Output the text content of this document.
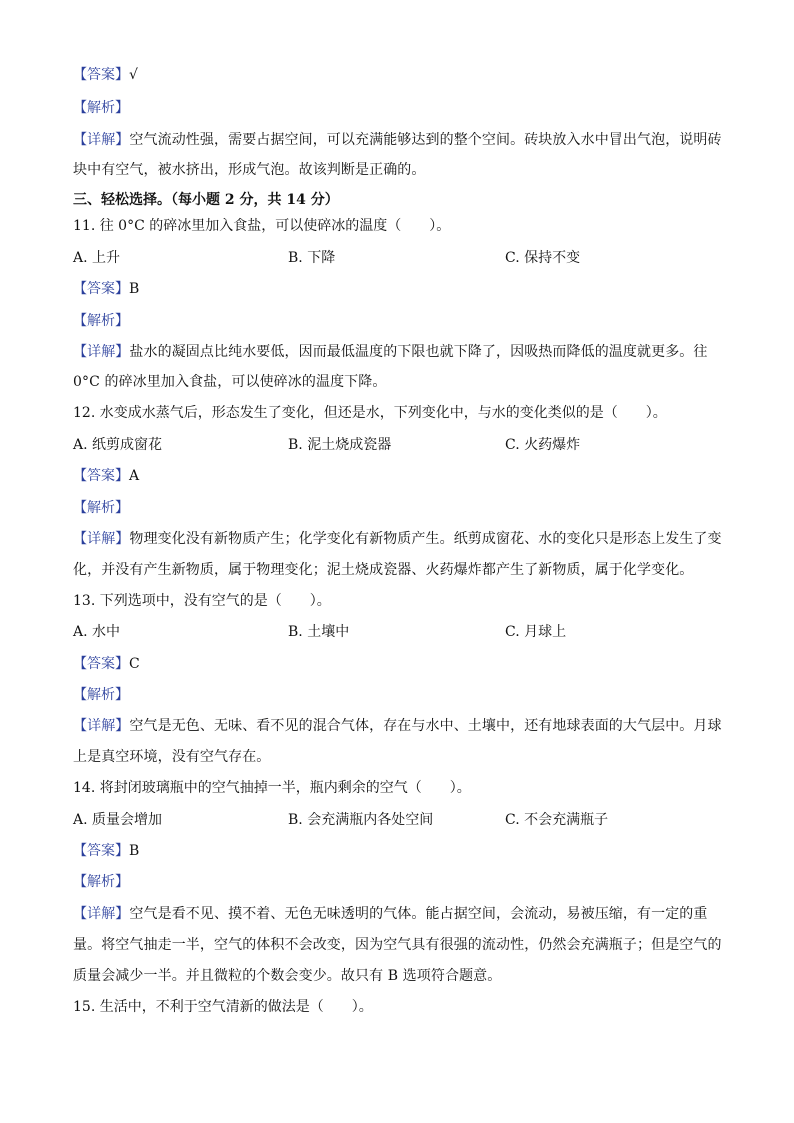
【答案】√
【解析】
【详解】空气流动性强，需要占据空间，可以充满能够达到的整个空间。砖块放入水中冒出气泡，说明砖
块中有空气，被水挤出，形成气泡。故该判断是正确的。
三、轻松选择。（每小题 2 分，共 14 分）
11. 往 0°C 的碎冰里加入食盐，可以使碎冰的温度（　　）。
A. 上升	B. 下降	C. 保持不变
【答案】B
【解析】
【详解】盐水的凝固点比纯水要低，因而最低温度的下限也就下降了，因吸热而降低的温度就更多。往
0°C 的碎冰里加入食盐，可以使碎冰的温度下降。
12. 水变成水蒸气后，形态发生了变化，但还是水，下列变化中，与水的变化类似的是（　　）。
A. 纸剪成窗花	B. 泥土烧成瓷器	C. 火药爆炸
【答案】A
【解析】
【详解】物理变化没有新物质产生；化学变化有新物质产生。纸剪成窗花、水的变化只是形态上发生了变
化，并没有产生新物质，属于物理变化；泥土烧成瓷器、火药爆炸都产生了新物质，属于化学变化。
13. 下列选项中，没有空气的是（　　）。
A. 水中	B. 土壤中	C. 月球上
【答案】C
【解析】
【详解】空气是无色、无味、看不见的混合气体，存在与水中、土壤中，还有地球表面的大气层中。月球
上是真空环境，没有空气存在。
14. 将封闭玻璃瓶中的空气抽掉一半，瓶内剩余的空气（　　）。
A. 质量会增加	B. 会充满瓶内各处空间	C. 不会充满瓶子
【答案】B
【解析】
【详解】空气是看不见、摸不着、无色无味透明的气体。能占据空间，会流动，易被压缩，有一定的重
量。将空气抽走一半，空气的体积不会改变，因为空气具有很强的流动性，仍然会充满瓶子；但是空气的
质量会减少一半。并且微粒的个数会变少。故只有 B 选项符合题意。
15. 生活中，不利于空气清新的做法是（　　）。
